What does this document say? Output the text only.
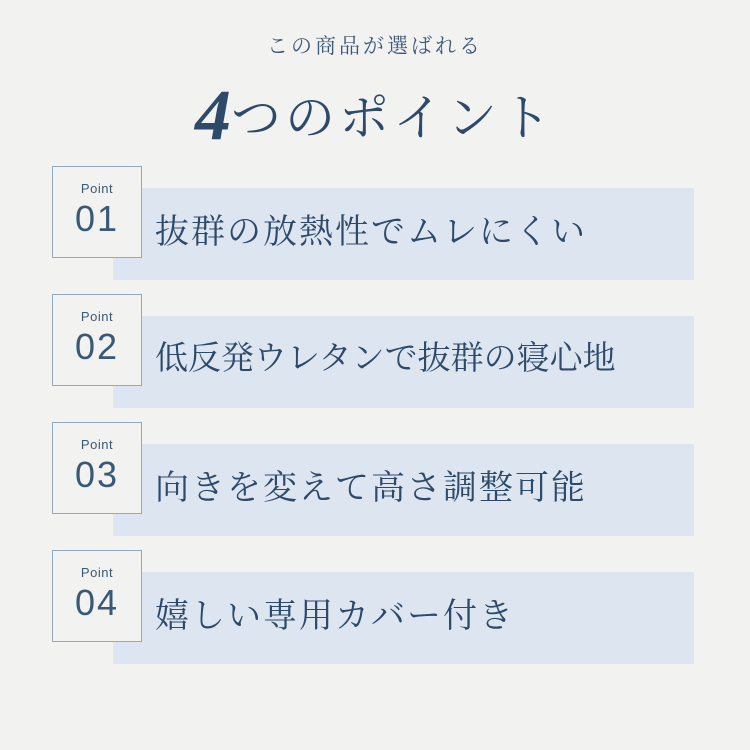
この商品が選ばれる
4つのポイント
Point
01	抜群の放熱性でムレにくい
Point
02	低反発ウレタンで抜群の寝心地
Point
03	向きを変えて高さ調整可能
Point
04	嬉しい専用カバー付き
